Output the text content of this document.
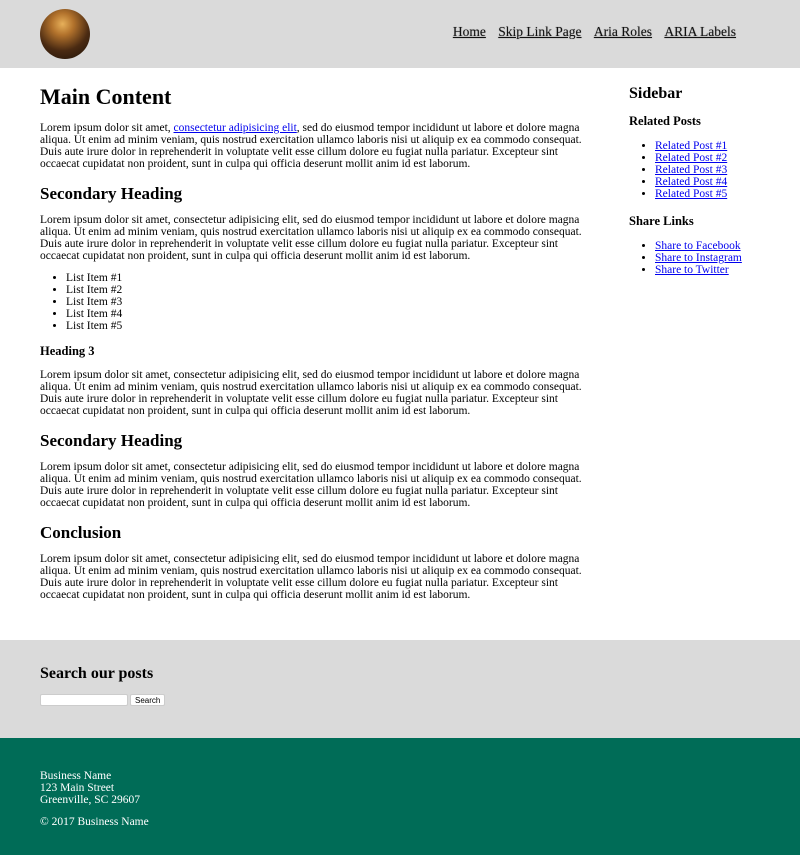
Home Skip Link Page Aria Roles ARIA Labels
Main Content

Lorem ipsum dolor sit amet, consectetur adipisicing elit, sed do eiusmod tempor incididunt ut labore et dolore magna aliqua. Ut enim ad minim veniam, quis nostrud exercitation ullamco laboris nisi ut aliquip ex ea commodo consequat. Duis aute irure dolor in reprehenderit in voluptate velit esse cillum dolore eu fugiat nulla pariatur. Excepteur sint occaecat cupidatat non proident, sunt in culpa qui officia deserunt mollit anim id est laborum.

Secondary Heading

Lorem ipsum dolor sit amet, consectetur adipisicing elit, sed do eiusmod tempor incididunt ut labore et dolore magna aliqua. Ut enim ad minim veniam, quis nostrud exercitation ullamco laboris nisi ut aliquip ex ea commodo consequat. Duis aute irure dolor in reprehenderit in voluptate velit esse cillum dolore eu fugiat nulla pariatur. Excepteur sint occaecat cupidatat non proident, sunt in culpa qui officia deserunt mollit anim id est laborum.

• List Item #1
• List Item #2
• List Item #3
• List Item #4
• List Item #5
Heading 3

Lorem ipsum dolor sit amet, consectetur adipisicing elit, sed do eiusmod tempor incididunt ut labore et dolore magna aliqua. Ut enim ad minim veniam, quis nostrud exercitation ullamco laboris nisi ut aliquip ex ea commodo consequat. Duis aute irure dolor in reprehenderit in voluptate velit esse cillum dolore eu fugiat nulla pariatur. Excepteur sint occaecat cupidatat non proident, sunt in culpa qui officia deserunt mollit anim id est laborum.

Secondary Heading

Lorem ipsum dolor sit amet, consectetur adipisicing elit, sed do eiusmod tempor incididunt ut labore et dolore magna aliqua. Ut enim ad minim veniam, quis nostrud exercitation ullamco laboris nisi ut aliquip ex ea commodo consequat. Duis aute irure dolor in reprehenderit in voluptate velit esse cillum dolore eu fugiat nulla pariatur. Excepteur sint occaecat cupidatat non proident, sunt in culpa qui officia deserunt mollit anim id est laborum.

Conclusion

Lorem ipsum dolor sit amet, consectetur adipisicing elit, sed do eiusmod tempor incididunt ut labore et dolore magna aliqua. Ut enim ad minim veniam, quis nostrud exercitation ullamco laboris nisi ut aliquip ex ea commodo consequat. Duis aute irure dolor in reprehenderit in voluptate velit esse cillum dolore eu fugiat nulla pariatur. Excepteur sint occaecat cupidatat non proident, sunt in culpa qui officia deserunt mollit anim id est laborum.

Sidebar
Related Posts
• Related Post #1
• Related Post #2
• Related Post #3
• Related Post #4
• Related Post #5
Share Links
• Share to Facebook
• Share to Instagram
• Share to Twitter
Search our posts
Search

Business Name

123 Main Street

Greenville, SC 29607

© 2017 Business Name
